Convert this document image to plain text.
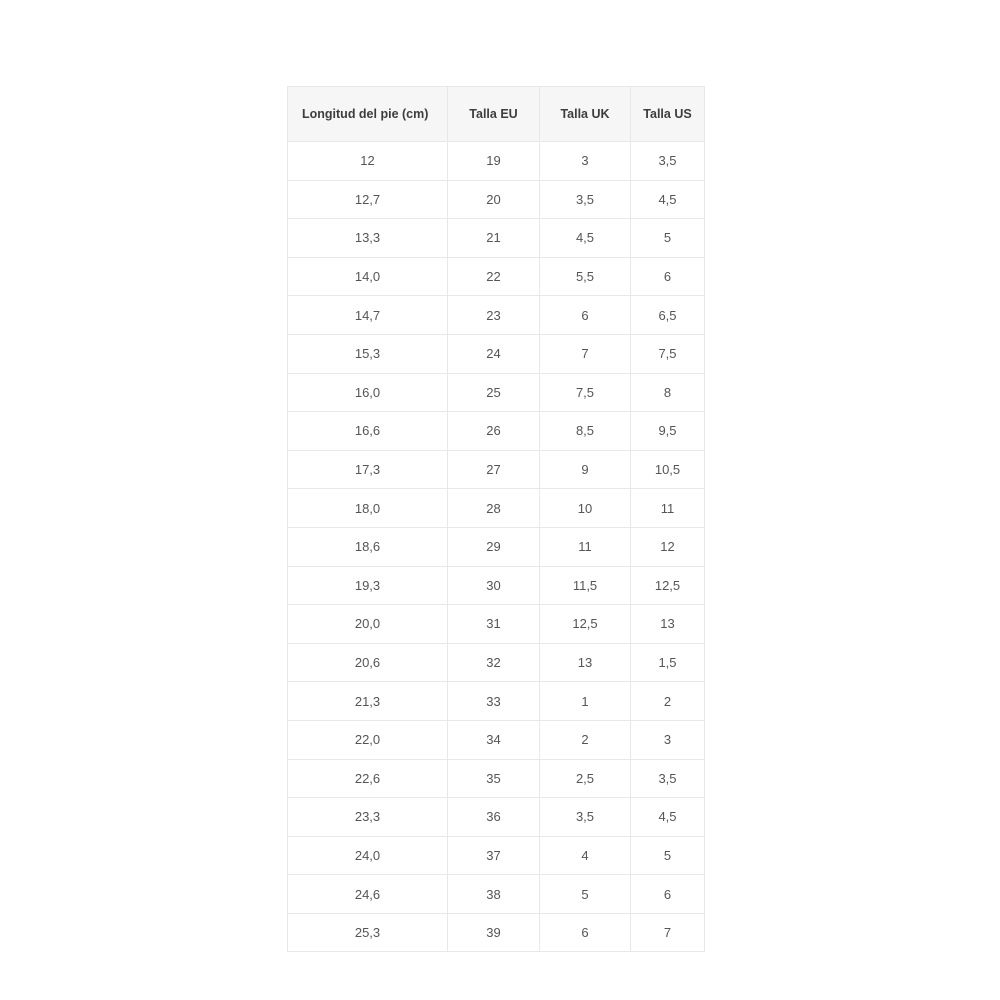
Longitud del pie (cm)	Talla EU	Talla UK	Talla US
12	19	3	3,5
12,7	20	3,5	4,5
13,3	21	4,5	5
14,0	22	5,5	6
14,7	23	6	6,5
15,3	24	7	7,5
16,0	25	7,5	8
16,6	26	8,5	9,5
17,3	27	9	10,5
18,0	28	10	11
18,6	29	11	12
19,3	30	11,5	12,5
20,0	31	12,5	13
20,6	32	13	1,5
21,3	33	1	2
22,0	34	2	3
22,6	35	2,5	3,5
23,3	36	3,5	4,5
24,0	37	4	5
24,6	38	5	6
25,3	39	6	7
